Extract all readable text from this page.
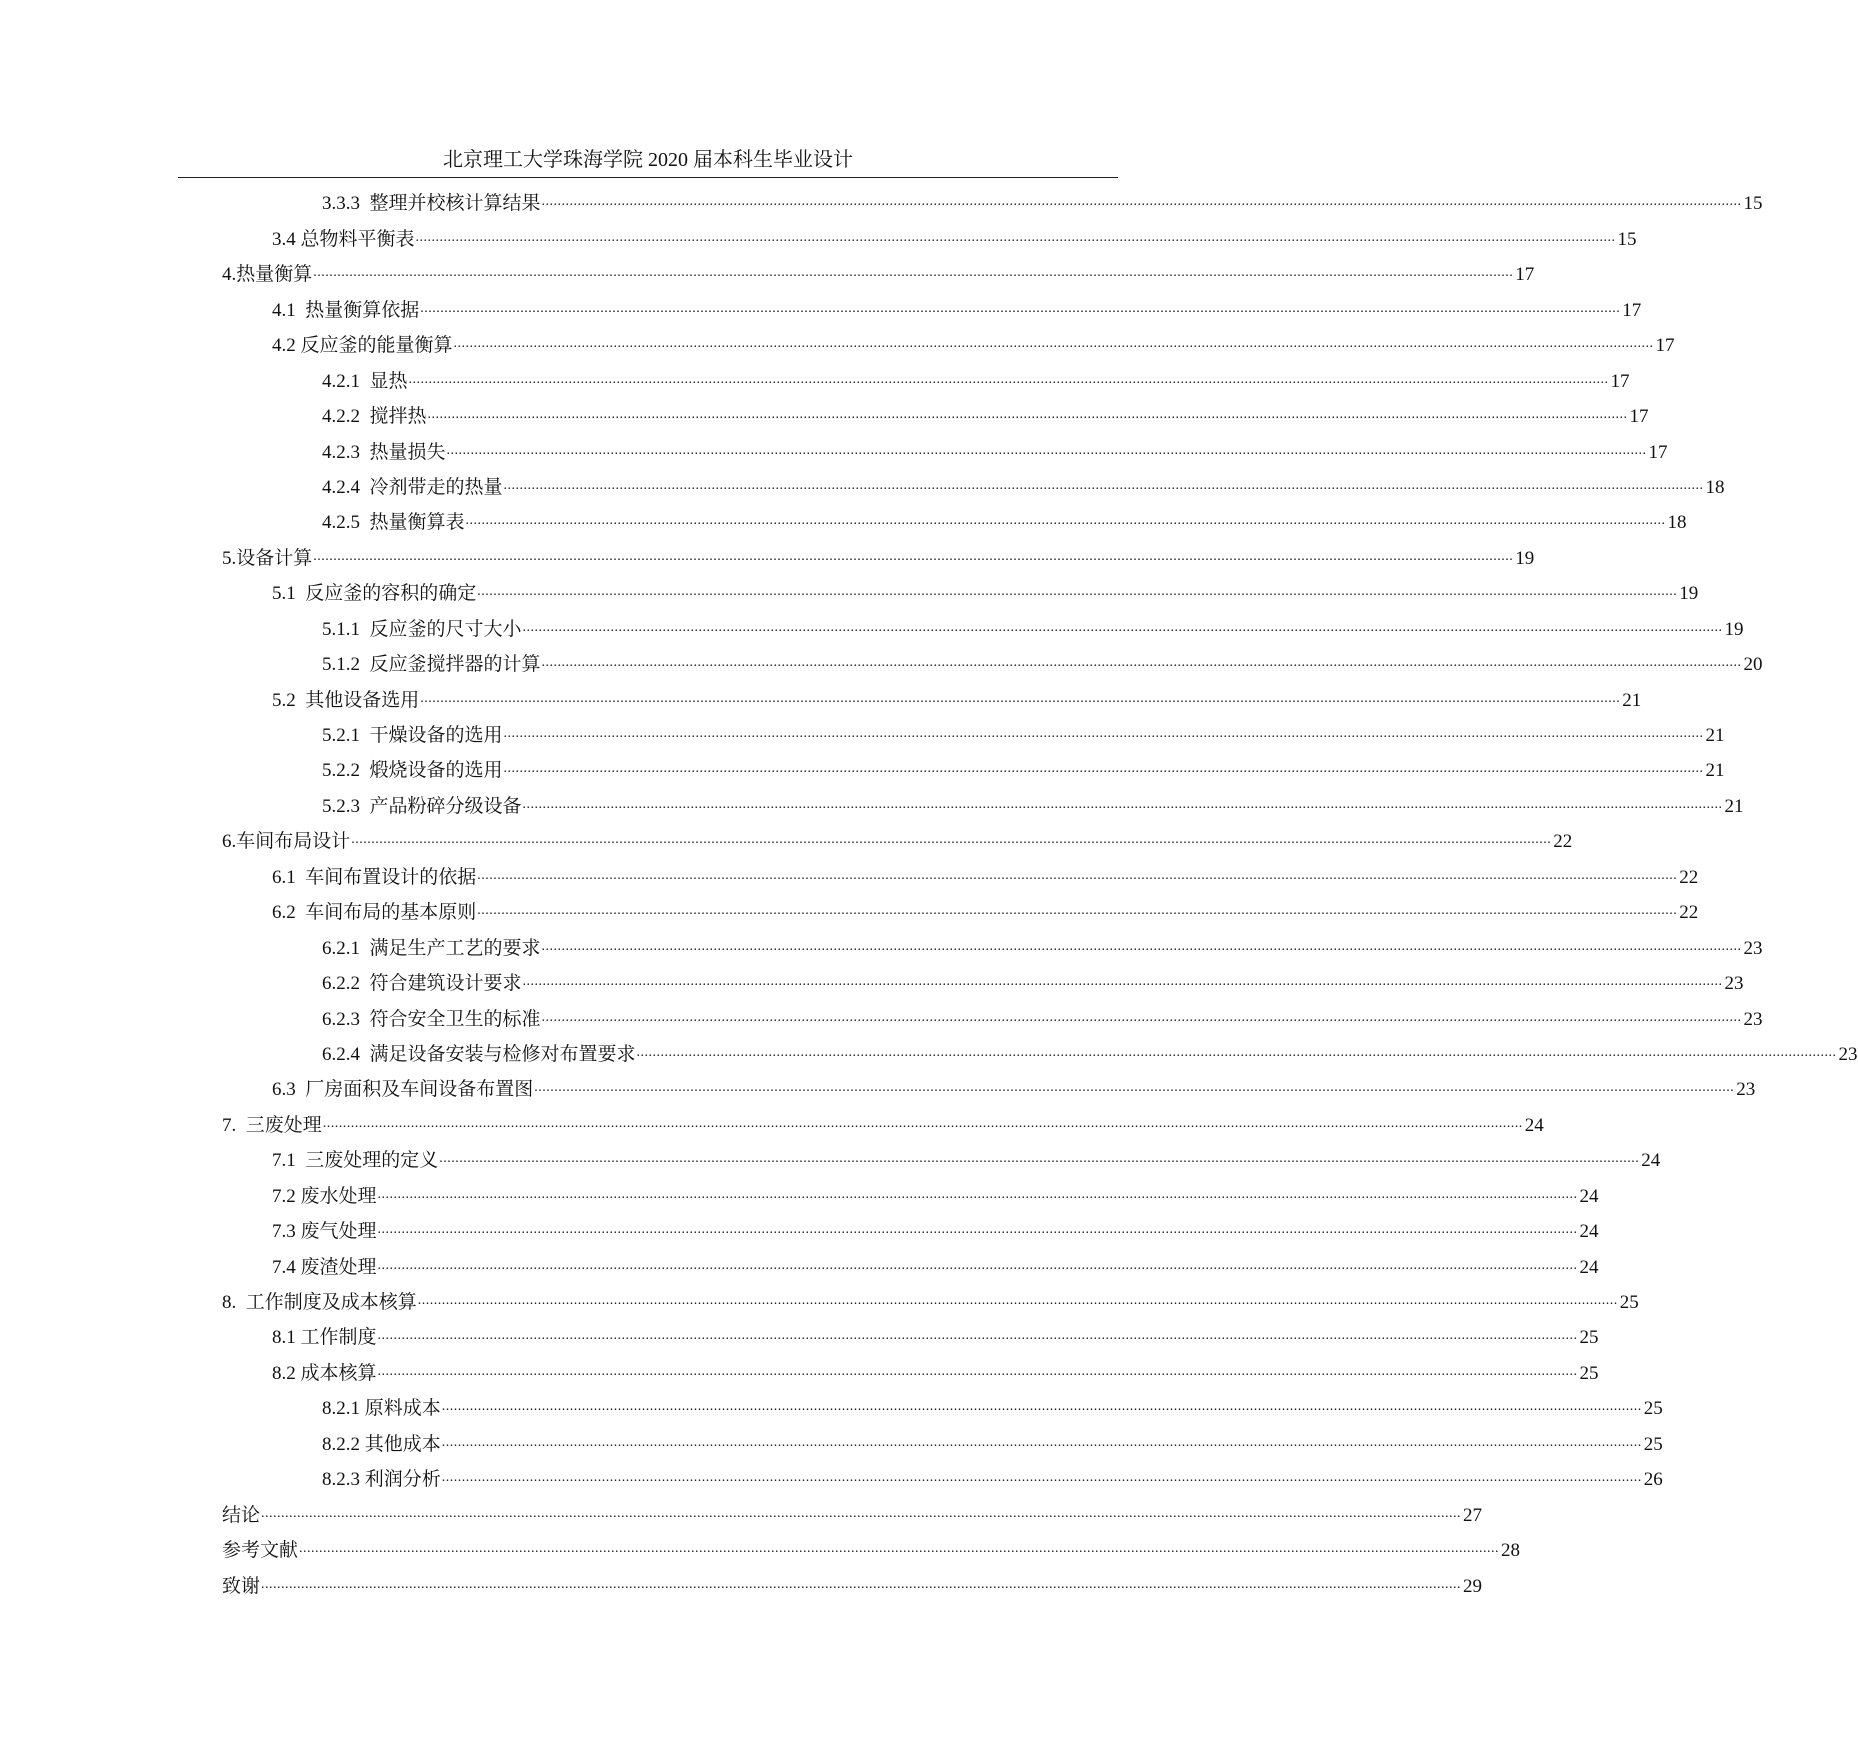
北京理工大学珠海学院 2020 届本科生毕业设计
3.3.3  整理并校核计算结果 ............................................................................................................................................................................................................................................................................................................ 15
3.4 总物料平衡表 ............................................................................................................................................................................................................................................................................................................ 15
4.热量衡算 ............................................................................................................................................................................................................................................................................................................ 17
4.1  热量衡算依据 ............................................................................................................................................................................................................................................................................................................ 17
4.2 反应釜的能量衡算 ............................................................................................................................................................................................................................................................................................................ 17
4.2.1  显热 ............................................................................................................................................................................................................................................................................................................ 17
4.2.2  搅拌热 ............................................................................................................................................................................................................................................................................................................ 17
4.2.3  热量损失 ............................................................................................................................................................................................................................................................................................................ 17
4.2.4  冷剂带走的热量 ............................................................................................................................................................................................................................................................................................................ 18
4.2.5  热量衡算表 ............................................................................................................................................................................................................................................................................................................ 18
5.设备计算 ............................................................................................................................................................................................................................................................................................................ 19
5.1  反应釜的容积的确定 ............................................................................................................................................................................................................................................................................................................ 19
5.1.1  反应釜的尺寸大小 ............................................................................................................................................................................................................................................................................................................ 19
5.1.2  反应釜搅拌器的计算 ............................................................................................................................................................................................................................................................................................................ 20
5.2  其他设备选用 ............................................................................................................................................................................................................................................................................................................ 21
5.2.1  干燥设备的选用 ............................................................................................................................................................................................................................................................................................................ 21
5.2.2  煅烧设备的选用 ............................................................................................................................................................................................................................................................................................................ 21
5.2.3  产品粉碎分级设备 ............................................................................................................................................................................................................................................................................................................ 21
6.车间布局设计 ............................................................................................................................................................................................................................................................................................................ 22
6.1  车间布置设计的依据 ............................................................................................................................................................................................................................................................................................................ 22
6.2  车间布局的基本原则 ............................................................................................................................................................................................................................................................................................................ 22
6.2.1  满足生产工艺的要求 ............................................................................................................................................................................................................................................................................................................ 23
6.2.2  符合建筑设计要求 ............................................................................................................................................................................................................................................................................................................ 23
6.2.3  符合安全卫生的标准 ............................................................................................................................................................................................................................................................................................................ 23
6.2.4  满足设备安装与检修对布置要求 ............................................................................................................................................................................................................................................................................................................ 23
6.3  厂房面积及车间设备布置图 ............................................................................................................................................................................................................................................................................................................ 23
7.  三废处理 ............................................................................................................................................................................................................................................................................................................ 24
7.1  三废处理的定义 ............................................................................................................................................................................................................................................................................................................ 24
7.2 废水处理 ............................................................................................................................................................................................................................................................................................................ 24
7.3 废气处理 ............................................................................................................................................................................................................................................................................................................ 24
7.4 废渣处理 ............................................................................................................................................................................................................................................................................................................ 24
8.  工作制度及成本核算 ............................................................................................................................................................................................................................................................................................................ 25
8.1 工作制度 ............................................................................................................................................................................................................................................................................................................ 25
8.2 成本核算 ............................................................................................................................................................................................................................................................................................................ 25
8.2.1 原料成本 ............................................................................................................................................................................................................................................................................................................ 25
8.2.2 其他成本 ............................................................................................................................................................................................................................................................................................................ 25
8.2.3 利润分析 ............................................................................................................................................................................................................................................................................................................ 26
结论 ............................................................................................................................................................................................................................................................................................................ 27
参考文献 ............................................................................................................................................................................................................................................................................................................ 28
致谢 ............................................................................................................................................................................................................................................................................................................ 29
